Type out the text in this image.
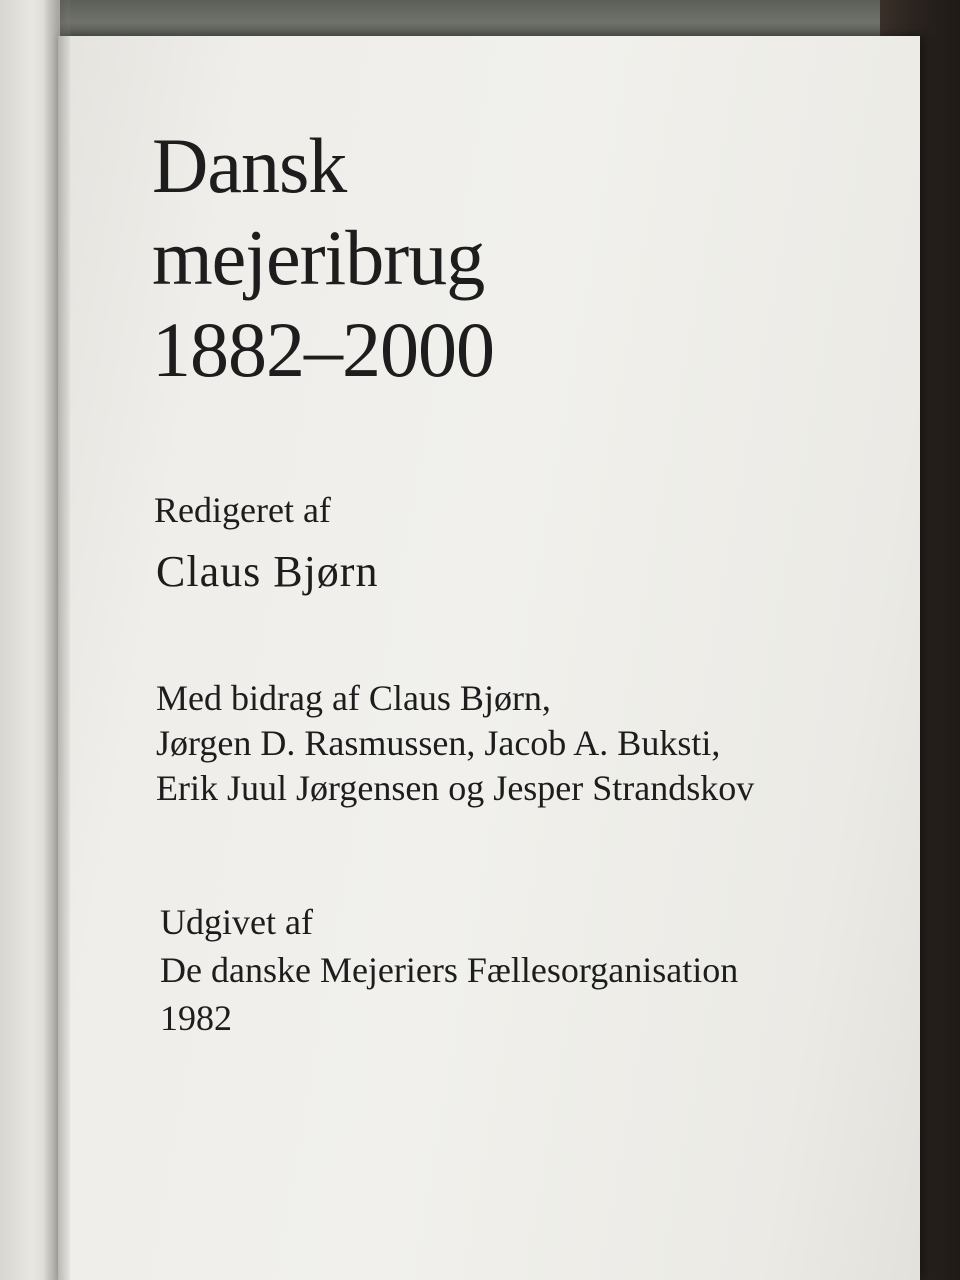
Dansk
mejeribrug
1882–2000
Redigeret af
Claus Bjørn
Med bidrag af Claus Bjørn,
Jørgen D. Rasmussen, Jacob A. Buksti,
Erik Juul Jørgensen og Jesper Strandskov
Udgivet af
De danske Mejeriers Fællesorganisation
1982
